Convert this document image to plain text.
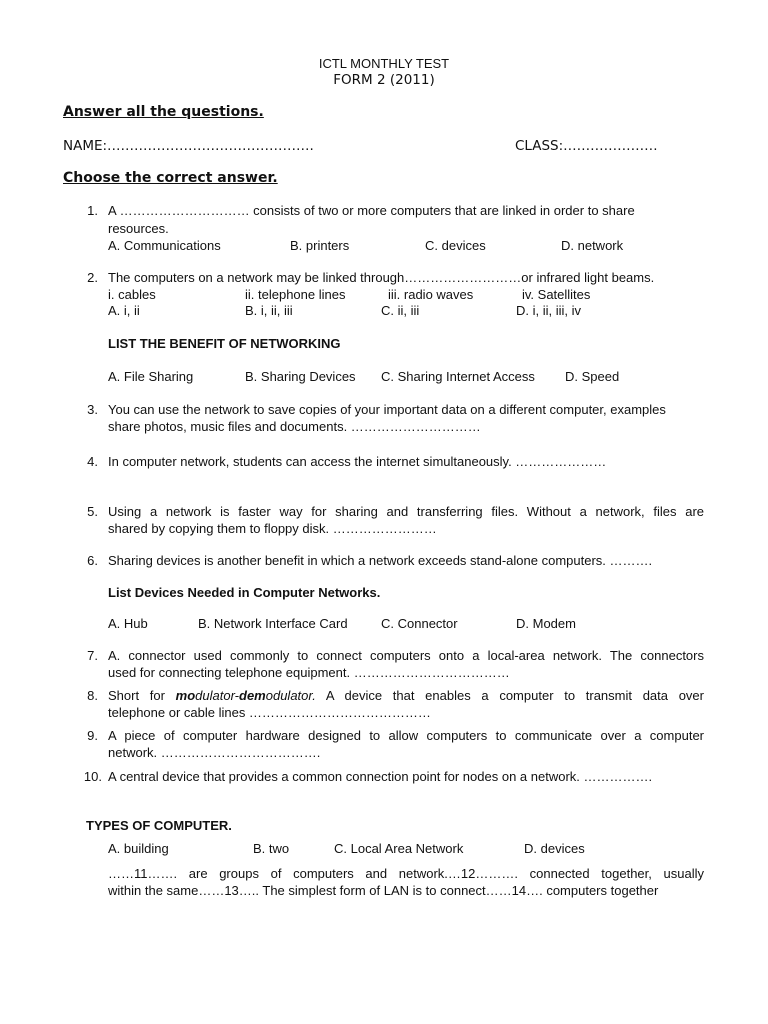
ICTL MONTHLY TEST
FORM 2 (2011)
Answer all the questions.
NAME:……………………………………….	CLASS:…………………
Choose the correct answer.
1. A ………………………… consists of two or more computers that are linked in order to share
resources.
A. Communications	B. printers	C. devices	D. network
2. The computers on a network may be linked through………………………or infrared light beams.
i. cables	ii. telephone lines	iii. radio waves	iv. Satellites
A. i, ii	B. i, ii, iii	C. ii, iii	D. i, ii, iii, iv
LIST THE BENEFIT OF NETWORKING
A. File Sharing	B. Sharing Devices C. Sharing Internet Access D. Speed
3. You can use the network to save copies of your important data on a different computer, examples
share photos, music files and documents. …………………………
4. In computer network, students can access the internet simultaneously. …………………
5. Using a network is faster way for sharing and transferring files. Without a network, files are
shared by copying them to floppy disk. ……………………
6. Sharing devices is another benefit in which a network exceeds stand-alone computers. ……….
List Devices Needed in Computer Networks.
A. Hub	B. Network Interface Card	C. Connector	D. Modem
7. A. connector used commonly to connect computers onto a local-area network. The connectors
used for connecting telephone equipment. ………………………………
8. Short for modulator-demodulator. A device that enables a computer to transmit data over
telephone or cable lines ……………………………………
9. A piece of computer hardware designed to allow computers to communicate over a computer
network. ……………………………….
10. A central device that provides a common connection point for nodes on a network. …………….
TYPES OF COMPUTER.
A. building	B. two	C. Local Area Network	D. devices
……11……. are groups of computers and network.…12………. connected together, usually
within the same……13….. The simplest form of LAN is to connect……14…. computers together
